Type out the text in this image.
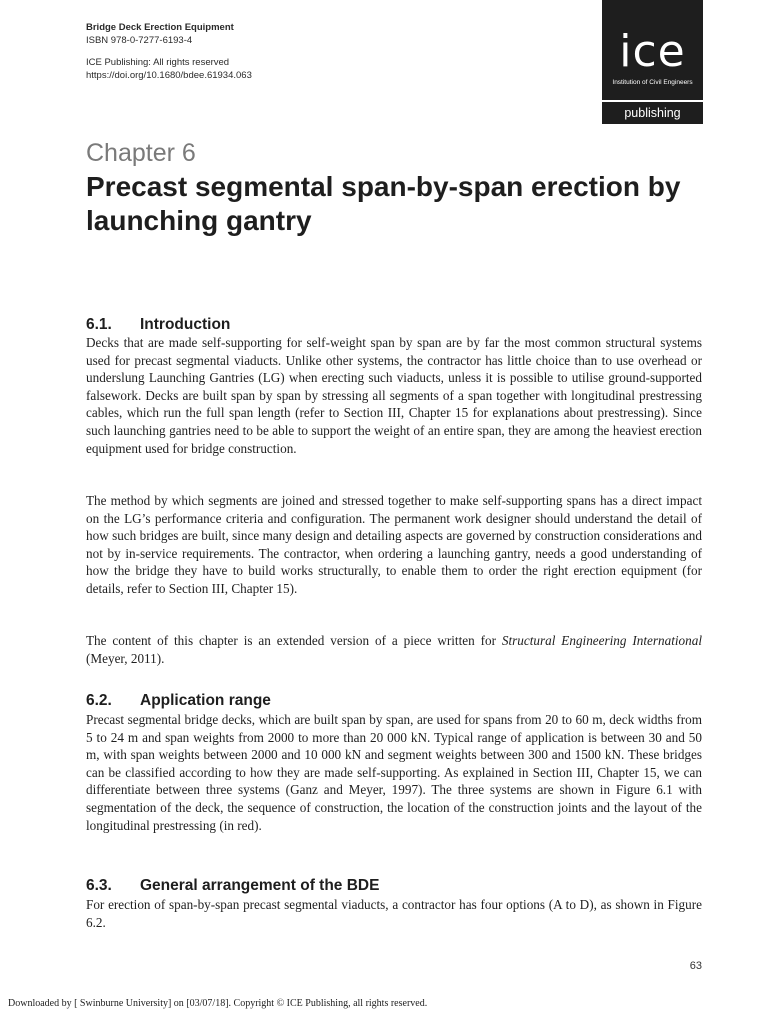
Bridge Deck Erection Equipment
ISBN 978-0-7277-6193-4
ICE Publishing: All rights reserved
https://doi.org/10.1680/bdee.61934.063	ice
Institution of Civil Engineers
publishing
Chapter 6
Precast segmental span-by-span erection by launching gantry
6.1. Introduction
Decks that are made self-supporting for self-weight span by span are by far the most common structural systems used for precast segmental viaducts. Unlike other systems, the contractor has little choice than to use overhead or underslung Launching Gantries (LG) when erecting such viaducts, unless it is possible to utilise ground-supported falsework. Decks are built span by span by stressing all segments of a span together with longitudinal prestressing cables, which run the full span length (refer to Section III, Chapter 15 for explanations about prestressing). Since such launching gantries need to be able to support the weight of an entire span, they are among the heaviest erection equipment used for bridge construction.
The method by which segments are joined and stressed together to make self-supporting spans has a direct impact on the LG’s performance criteria and configuration. The permanent work designer should understand the detail of how such bridges are built, since many design and detailing aspects are governed by construction considerations and not by in-service requirements. The contractor, when ordering a launching gantry, needs a good understanding of how the bridge they have to build works structurally, to enable them to order the right erection equipment (for details, refer to Section III, Chapter 15).
The content of this chapter is an extended version of a piece written for Structural Engineering International (Meyer, 2011).
6.2. Application range
Precast segmental bridge decks, which are built span by span, are used for spans from 20 to 60 m, deck widths from 5 to 24 m and span weights from 2000 to more than 20 000 kN. Typical range of application is between 30 and 50 m, with span weights between 2000 and 10 000 kN and segment weights between 300 and 1500 kN. These bridges can be classified according to how they are made self-supporting. As explained in Section III, Chapter 15, we can differentiate between three systems (Ganz and Meyer, 1997). The three systems are shown in Figure 6.1 with segmentation of the deck, the sequence of construction, the location of the construction joints and the layout of the longitudinal prestressing (in red).
6.3. General arrangement of the BDE
For erection of span-by-span precast segmental viaducts, a contractor has four options (A to D), as shown in Figure 6.2.
63
Downloaded by [ Swinburne University] on [03/07/18]. Copyright © ICE Publishing, all rights reserved.
